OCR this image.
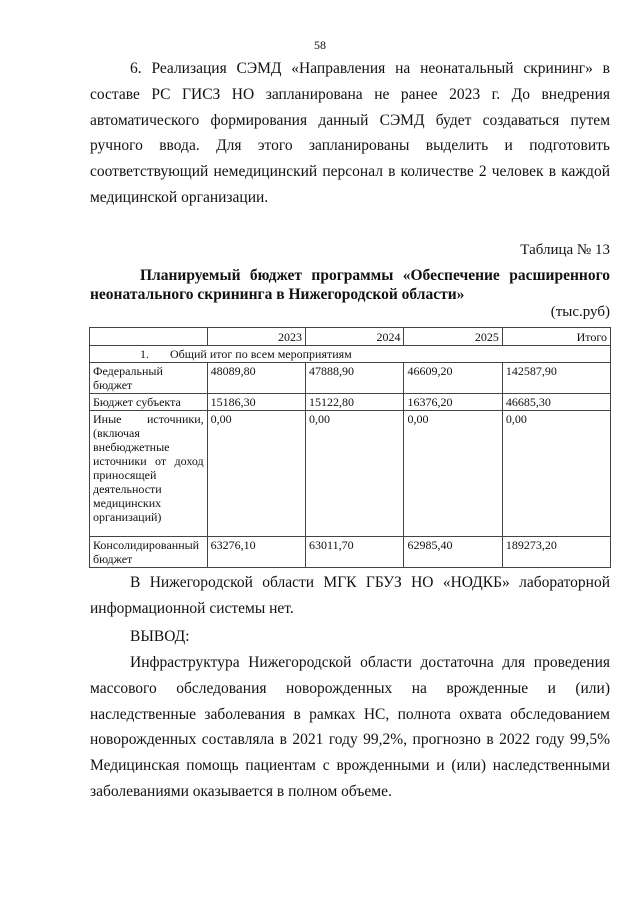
58
6. Реализация СЭМД «Направления на неонатальный скрининг» в составе РС ГИСЗ НО запланирована не ранее 2023 г. До внедрения автоматического формирования данный СЭМД будет создаваться путем ручного ввода. Для этого запланированы выделить и подготовить соответствующий немедицинский персонал в количестве 2 человек в каждой медицинской организации.
Таблица № 13
Планируемый бюджет программы «Обеспечение расширенного неонатального скрининга в Нижегородской области»
(тыс.руб)
	2023	2024	2025	Итого
1. Общий итог по всем мероприятиям				
Федеральный бюджет	48089,80	47888,90	46609,20	142587,90
Бюджет субъекта	15186,30	15122,80	16376,20	46685,30
Иные источники, (включая внебюджетные источники от доход приносящей деятельности медицинских организаций)	0,00	0,00	0,00	0,00
Консолидированный бюджет	63276,10	63011,70	62985,40	189273,20
В Нижегородской области МГК ГБУЗ НО «НОДКБ» лабораторной информационной системы нет.
ВЫВОД:
Инфраструктура Нижегородской области достаточна для проведения массового обследования новорожденных на врожденные и (или) наследственные заболевания в рамках НС, полнота охвата обследованием новорожденных составляла в 2021 году 99,2%, прогнозно в 2022 году 99,5% Медицинская помощь пациентам с врожденными и (или) наследственными заболеваниями оказывается в полном объеме.
